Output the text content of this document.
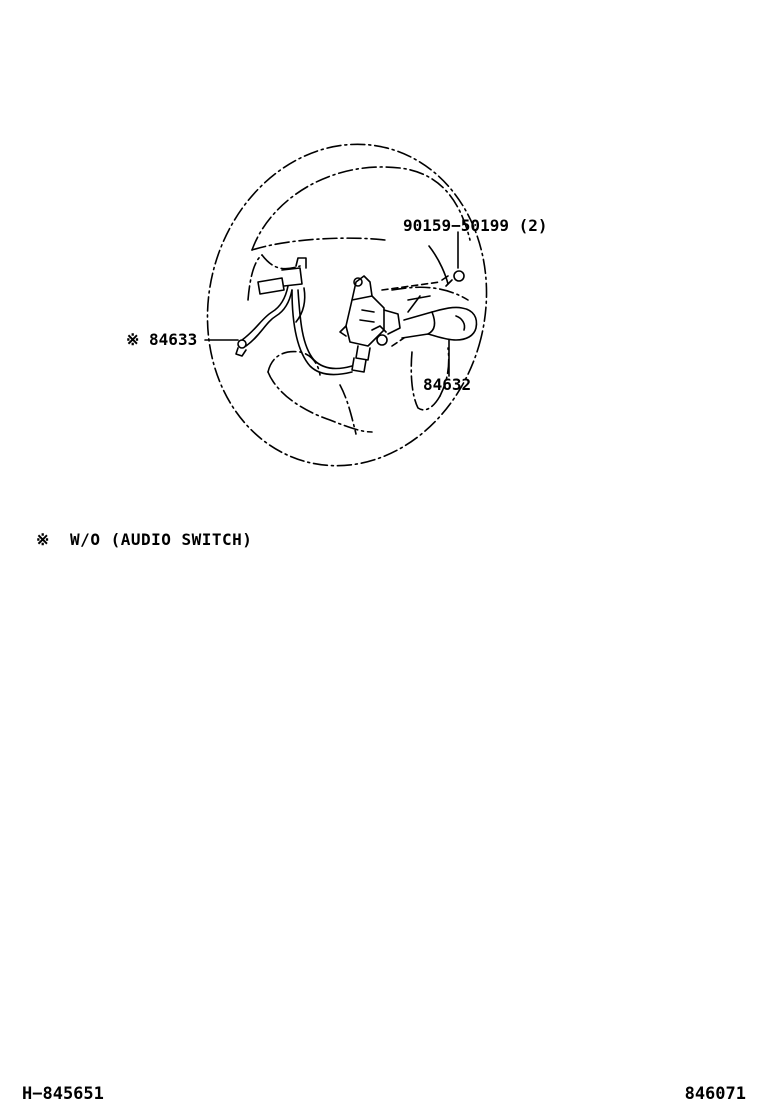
90159−50199 (2)
※ 84633
84632
※ W/O (AUDIO SWITCH)
H−845651	846071
